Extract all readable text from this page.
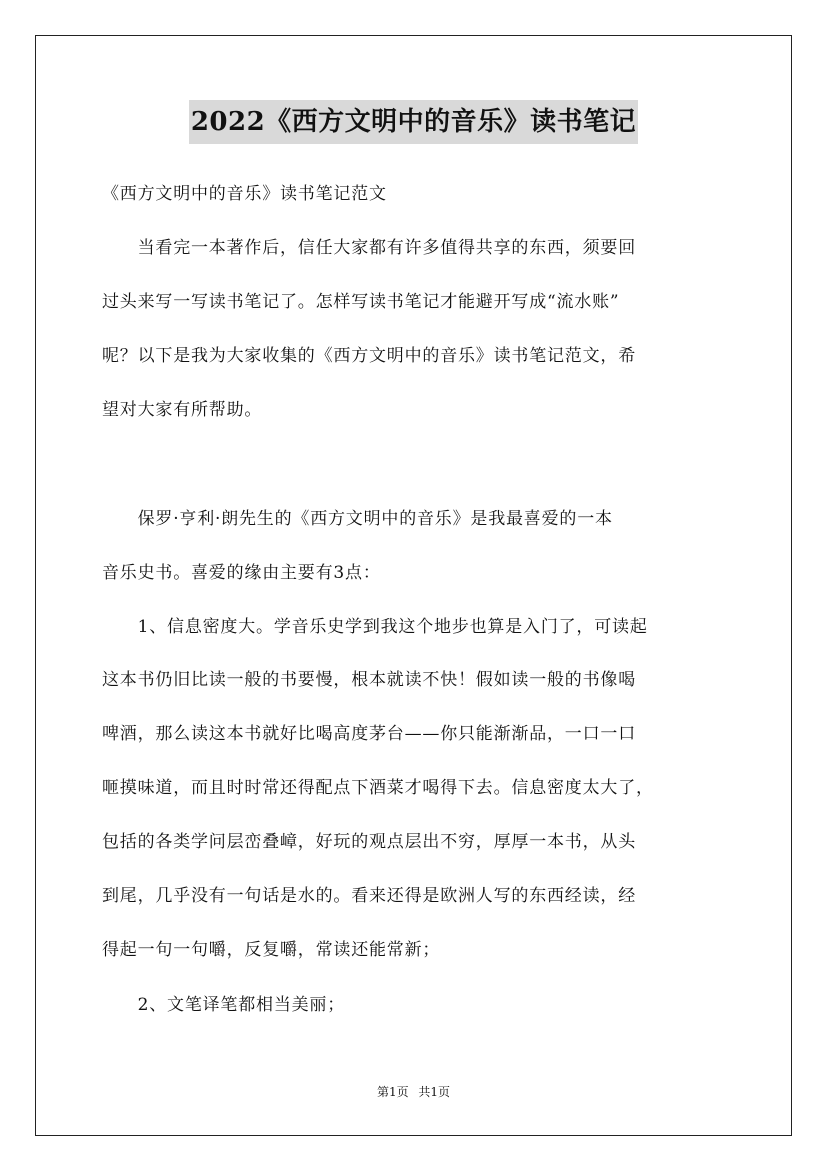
2022《西方文明中的音乐》读书笔记
《西方文明中的音乐》读书笔记范文
　　当看完一本著作后，信任大家都有许多值得共享的东西，须要回
过头来写一写读书笔记了。怎样写读书笔记才能避开写成“流水账”
呢？以下是我为大家收集的《西方文明中的音乐》读书笔记范文，希
望对大家有所帮助。
　　保罗·亨利·朗先生的《西方文明中的音乐》是我最喜爱的一本
音乐史书。喜爱的缘由主要有3点：
　　1、信息密度大。学音乐史学到我这个地步也算是入门了，可读起
这本书仍旧比读一般的书要慢，根本就读不快！假如读一般的书像喝
啤酒，那么读这本书就好比喝高度茅台——你只能渐渐品，一口一口
咂摸味道，而且时时常还得配点下酒菜才喝得下去。信息密度太大了，
包括的各类学问层峦叠嶂，好玩的观点层出不穷，厚厚一本书，从头
到尾，几乎没有一句话是水的。看来还得是欧洲人写的东西经读，经
得起一句一句嚼，反复嚼，常读还能常新；
　　2、文笔译笔都相当美丽；
第1页 共1页
